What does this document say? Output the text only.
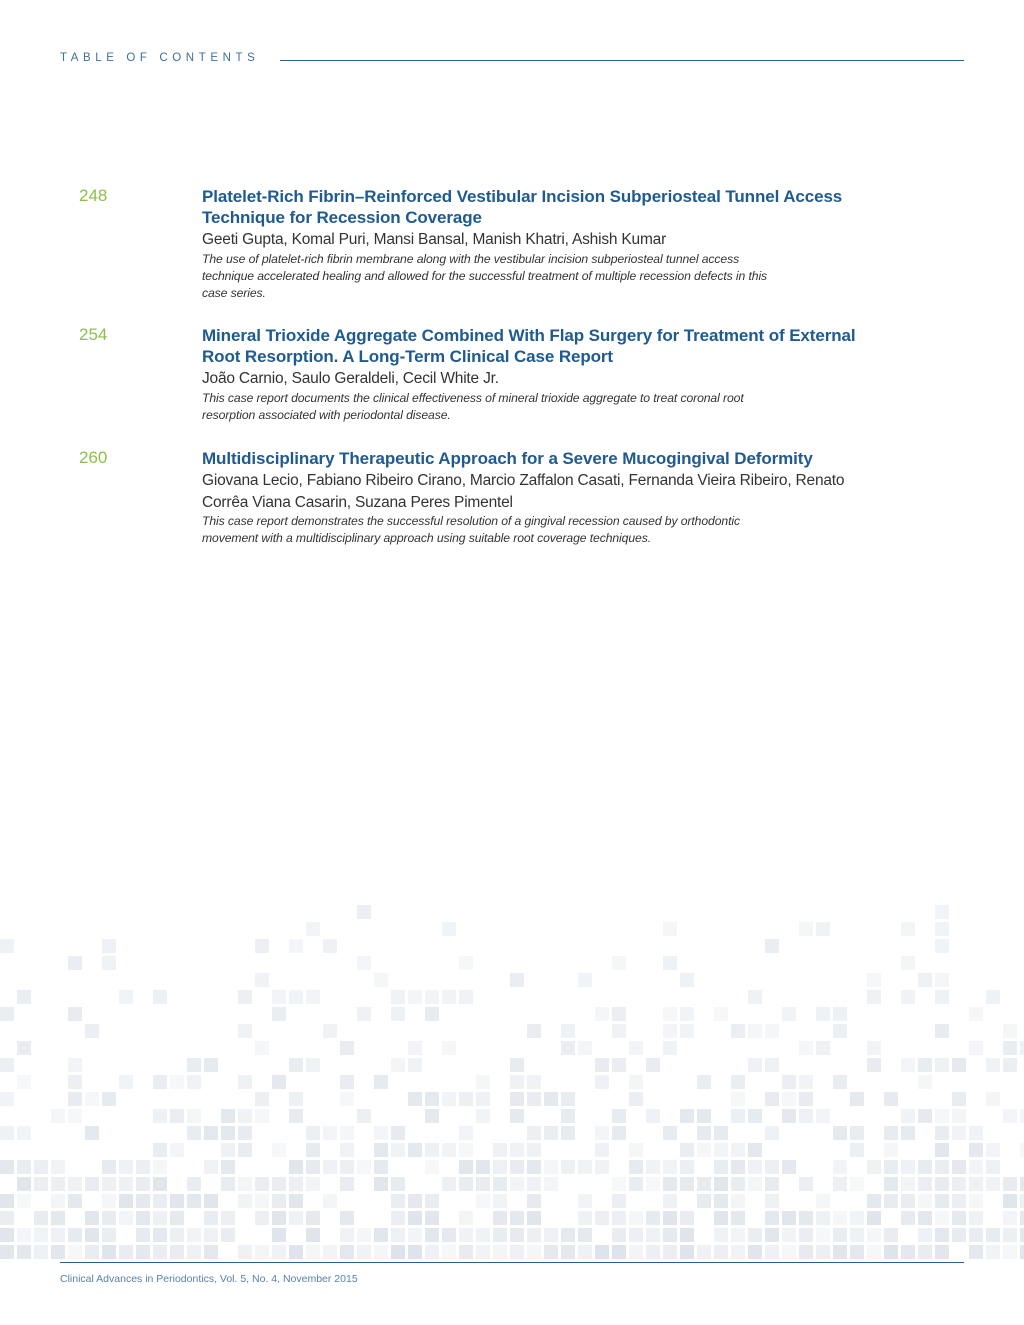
TABLE OF CONTENTS
248	Platelet-Rich Fibrin–Reinforced Vestibular Incision Subperiosteal Tunnel Access Technique for Recession Coverage
Geeti Gupta, Komal Puri, Mansi Bansal, Manish Khatri, Ashish Kumar
The use of platelet-rich fibrin membrane along with the vestibular incision subperiosteal tunnel access technique accelerated healing and allowed for the successful treatment of multiple recession defects in this case series.
254	Mineral Trioxide Aggregate Combined With Flap Surgery for Treatment of External Root Resorption. A Long-Term Clinical Case Report
João Carnio, Saulo Geraldeli, Cecil White Jr.
This case report documents the clinical effectiveness of mineral trioxide aggregate to treat coronal root resorption associated with periodontal disease.
260	Multidisciplinary Therapeutic Approach for a Severe Mucogingival Deformity
Giovana Lecio, Fabiano Ribeiro Cirano, Marcio Zaffalon Casati, Fernanda Vieira Ribeiro, Renato Corrêa Viana Casarin, Suzana Peres Pimentel
This case report demonstrates the successful resolution of a gingival recession caused by orthodontic movement with a multidisciplinary approach using suitable root coverage techniques.
Clinical Advances in Periodontics, Vol. 5, No. 4, November 2015
